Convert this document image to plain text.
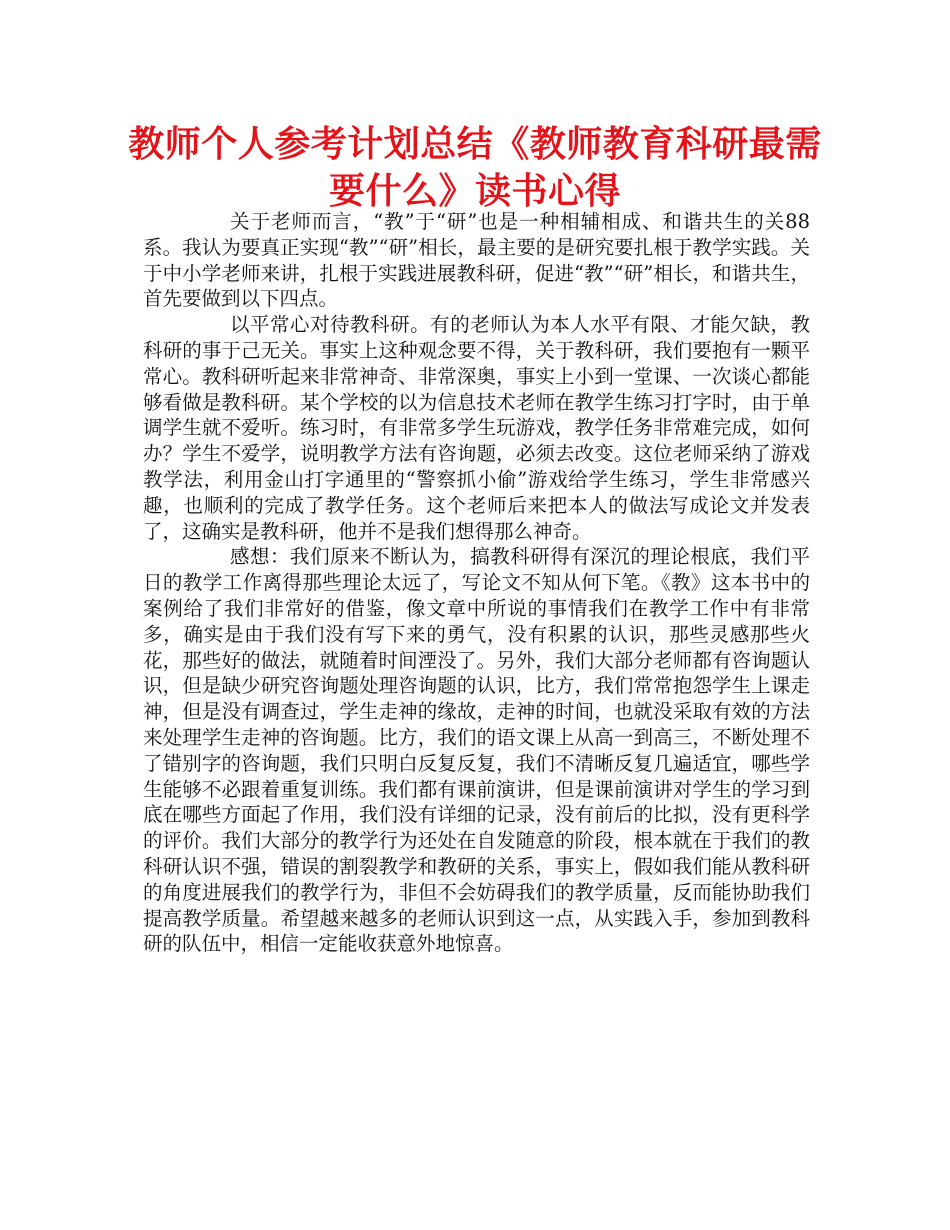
教师个人参考计划总结《教师教育科研最需要什么》读书心得

关于老师而言，“教”于“研”也是一种相辅相成、和谐共生的关88系。我认为要真正实现“教”“研”相长，最主要的是研究要扎根于教学实践。关于中小学老师来讲，扎根于实践进展教科研，促进“教”“研”相长，和谐共生，首先要做到以下四点。

以平常心对待教科研。有的老师认为本人水平有限、才能欠缺，教科研的事于己无关。事实上这种观念要不得，关于教科研，我们要抱有一颗平常心。教科研听起来非常神奇、非常深奥，事实上小到一堂课、一次谈心都能够看做是教科研。某个学校的以为信息技术老师在教学生练习打字时，由于单调学生就不爱听。练习时，有非常多学生玩游戏，教学任务非常难完成，如何办？学生不爱学，说明教学方法有咨询题，必须去改变。这位老师采纳了游戏教学法，利用金山打字通里的“警察抓小偷”游戏给学生练习，学生非常感兴趣，也顺利的完成了教学任务。这个老师后来把本人的做法写成论文并发表了，这确实是教科研，他并不是我们想得那么神奇。

感想：我们原来不断认为，搞教科研得有深沉的理论根底，我们平日的教学工作离得那些理论太远了，写论文不知从何下笔。《教》这本书中的案例给了我们非常好的借鉴，像文章中所说的事情我们在教学工作中有非常多，确实是由于我们没有写下来的勇气，没有积累的认识，那些灵感那些火花，那些好的做法，就随着时间湮没了。另外，我们大部分老师都有咨询题认识，但是缺少研究咨询题处理咨询题的认识，比方，我们常常抱怨学生上课走神，但是没有调查过，学生走神的缘故，走神的时间，也就没采取有效的方法来处理学生走神的咨询题。比方，我们的语文课上从高一到高三，不断处理不了错别字的咨询题，我们只明白反复反复，我们不清晰反复几遍适宜，哪些学生能够不必跟着重复训练。我们都有课前演讲，但是课前演讲对学生的学习到底在哪些方面起了作用，我们没有详细的记录，没有前后的比拟，没有更科学的评价。我们大部分的教学行为还处在自发随意的阶段，根本就在于我们的教科研认识不强，错误的割裂教学和教研的关系，事实上，假如我们能从教科研的角度进展我们的教学行为，非但不会妨碍我们的教学质量，反而能协助我们提高教学质量。希望越来越多的老师认识到这一点，从实践入手，参加到教科研的队伍中，相信一定能收获意外地惊喜。
